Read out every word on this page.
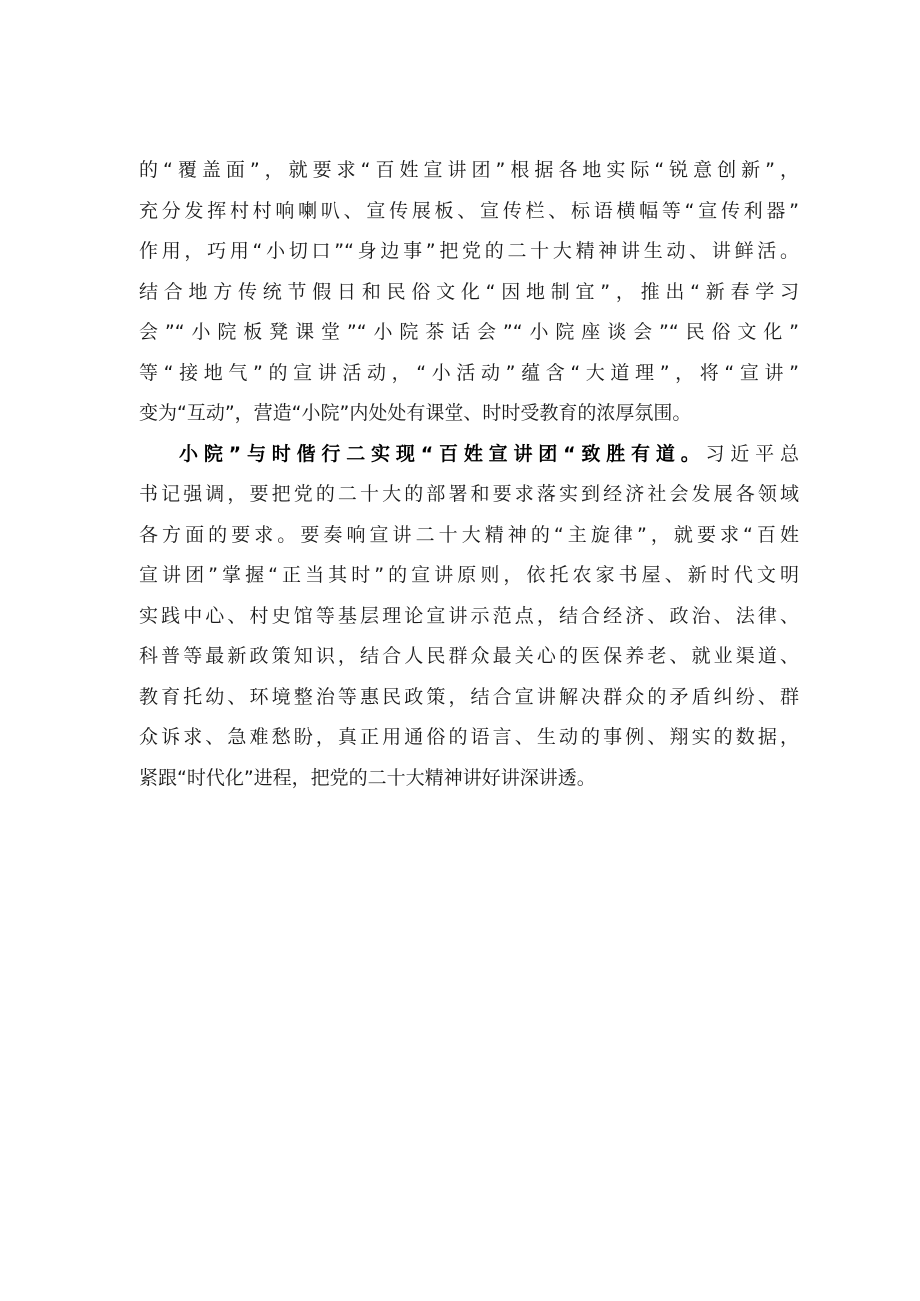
的“覆盖面”，就要求“百姓宣讲团”根据各地实际“锐意创新”，
充分发挥村村响喇叭、宣传展板、宣传栏、标语横幅等“宣传利器”
作用，巧用“小切口”“身边事”把党的二十大精神讲生动、讲鲜活。
结合地方传统节假日和民俗文化“因地制宜”，推出“新春学习
会”“小院板凳课堂”“小院茶话会”“小院座谈会”“民俗文化”
等“接地气”的宣讲活动，“小活动”蕴含“大道理”，将“宣讲”
变为“互动”，营造“小院”内处处有课堂、时时受教育的浓厚氛围。
小院”与时偕行二实现“百姓宣讲团“致胜有道。习近平总
书记强调，要把党的二十大的部署和要求落实到经济社会发展各领域
各方面的要求。要奏响宣讲二十大精神的“主旋律”，就要求“百姓
宣讲团”掌握“正当其时”的宣讲原则，依托农家书屋、新时代文明
实践中心、村史馆等基层理论宣讲示范点，结合经济、政治、法律、
科普等最新政策知识，结合人民群众最关心的医保养老、就业渠道、
教育托幼、环境整治等惠民政策，结合宣讲解决群众的矛盾纠纷、群
众诉求、急难愁盼，真正用通俗的语言、生动的事例、翔实的数据，
紧跟“时代化”进程，把党的二十大精神讲好讲深讲透。
